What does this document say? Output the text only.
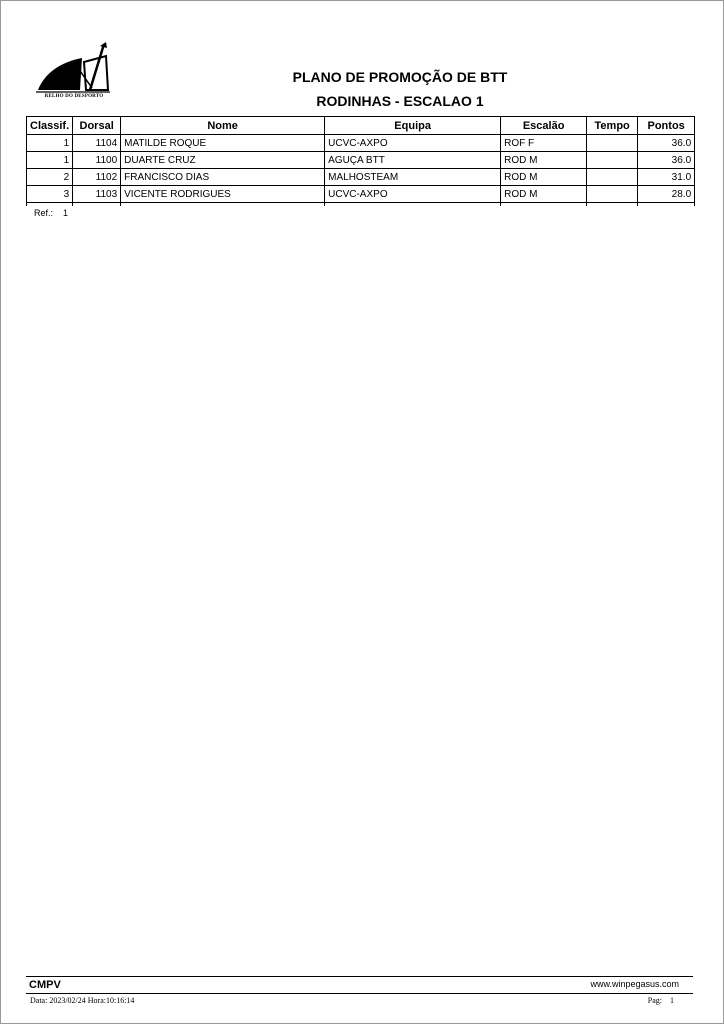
RELHO DO DESPORTO
PLANO DE PROMOÇÃO DE BTT
RODINHAS - ESCALAO 1
Classif.	Dorsal	Nome	Equipa	Escalão	Tempo	Pontos
1	1104	MATILDE ROQUE	UCVC-AXPO	ROF F		36.0
1	1100	DUARTE CRUZ	AGUÇA BTT	ROD M		36.0
2	1102	FRANCISCO DIAS	MALHOSTEAM	ROD M		31.0
3	1103	VICENTE RODRIGUES	UCVC-AXPO	ROD M		28.0

Ref.: 1
CMPV	www.winpegasus.com
Data: 2023/02/24 Hora:10:16:14	Pag: 1
